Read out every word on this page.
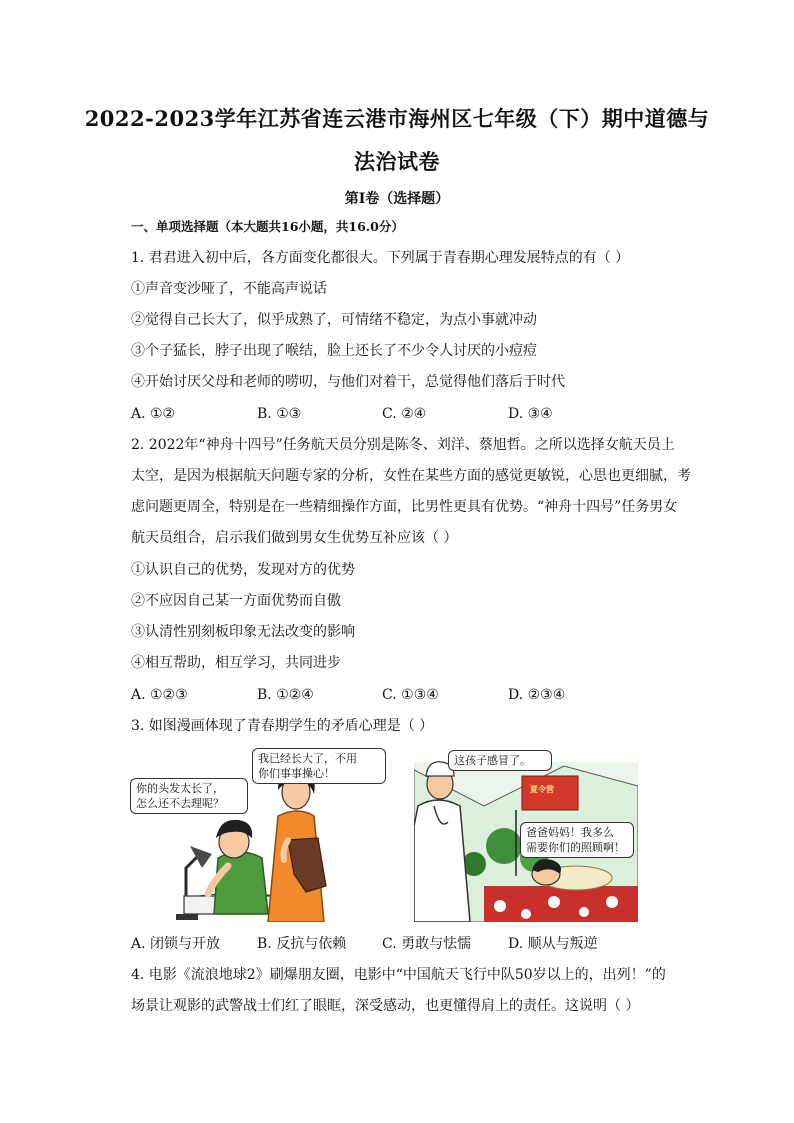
2022-2023学年江苏省连云港市海州区七年级（下）期中道德与
法治试卷
第I卷（选择题）
一、单项选择题（本大题共16小题，共16.0分）
1. 君君进入初中后，各方面变化都很大。下列属于青春期心理发展特点的有（ ）
①声音变沙哑了，不能高声说话
②觉得自己长大了，似乎成熟了，可情绪不稳定，为点小事就冲动
③个子猛长，脖子出现了喉结，脸上还长了不少令人讨厌的小痘痘
④开始讨厌父母和老师的唠叨，与他们对着干，总觉得他们落后于时代
A. ①②	B. ①③	C. ②④	D. ③④
2. 2022年“神舟十四号”任务航天员分别是陈冬、刘洋、蔡旭哲。之所以选择女航天员上
太空，是因为根据航天问题专家的分析，女性在某些方面的感觉更敏锐，心思也更细腻，考
虑问题更周全，特别是在一些精细操作方面，比男性更具有优势。“神舟十四号”任务男女
航天员组合，启示我们做到男女生优势互补应该（ ）
①认识自己的优势，发现对方的优势
②不应因自己某一方面优势而自傲
③认清性别刻板印象无法改变的影响
④相互帮助，相互学习，共同进步
A. ①②③	B. ①②④	C. ①③④	D. ②③④
3. 如图漫画体现了青春期学生的矛盾心理是（ ）
你的头发太长了，
怎么还不去理呢？
我已经长大了，不用
你们事事操心！
这孩子感冒了。
夏令营
爸爸妈妈！我多么
需要你们的照顾啊！
A. 闭锁与开放	B. 反抗与依赖	C. 勇敢与怯懦	D. 顺从与叛逆
4. 电影《流浪地球2》刷爆朋友圈，电影中“中国航天飞行中队50岁以上的，出列！”的
场景让观影的武警战士们红了眼眶，深受感动，也更懂得肩上的责任。这说明（ ）
